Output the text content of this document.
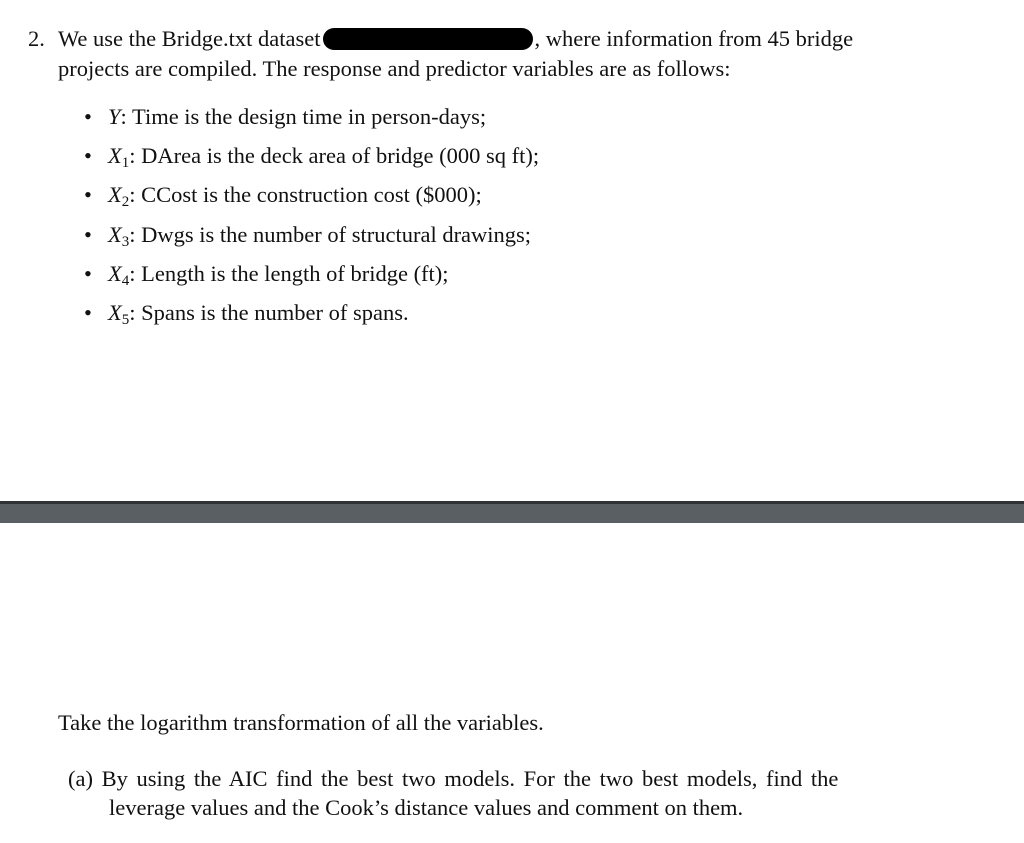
2. We use the Bridge.txt dataset	, where information from 45 bridge
projects are compiled. The response and predictor variables are as follows:
• Y: Time is the design time in person-days;
• $X_1$: DArea is the deck area of bridge (000 sq ft);
• $X_2$: CCost is the construction cost ($000);
• $X_3$: Dwgs is the number of structural drawings;
• $X_4$: Length is the length of bridge (ft);
• $X_5$: Spans is the number of spans.
Take the logarithm transformation of all the variables.
(a) By using the AIC find the best two models. For the two best models, find the
leverage values and the Cook’s distance values and comment on them.
